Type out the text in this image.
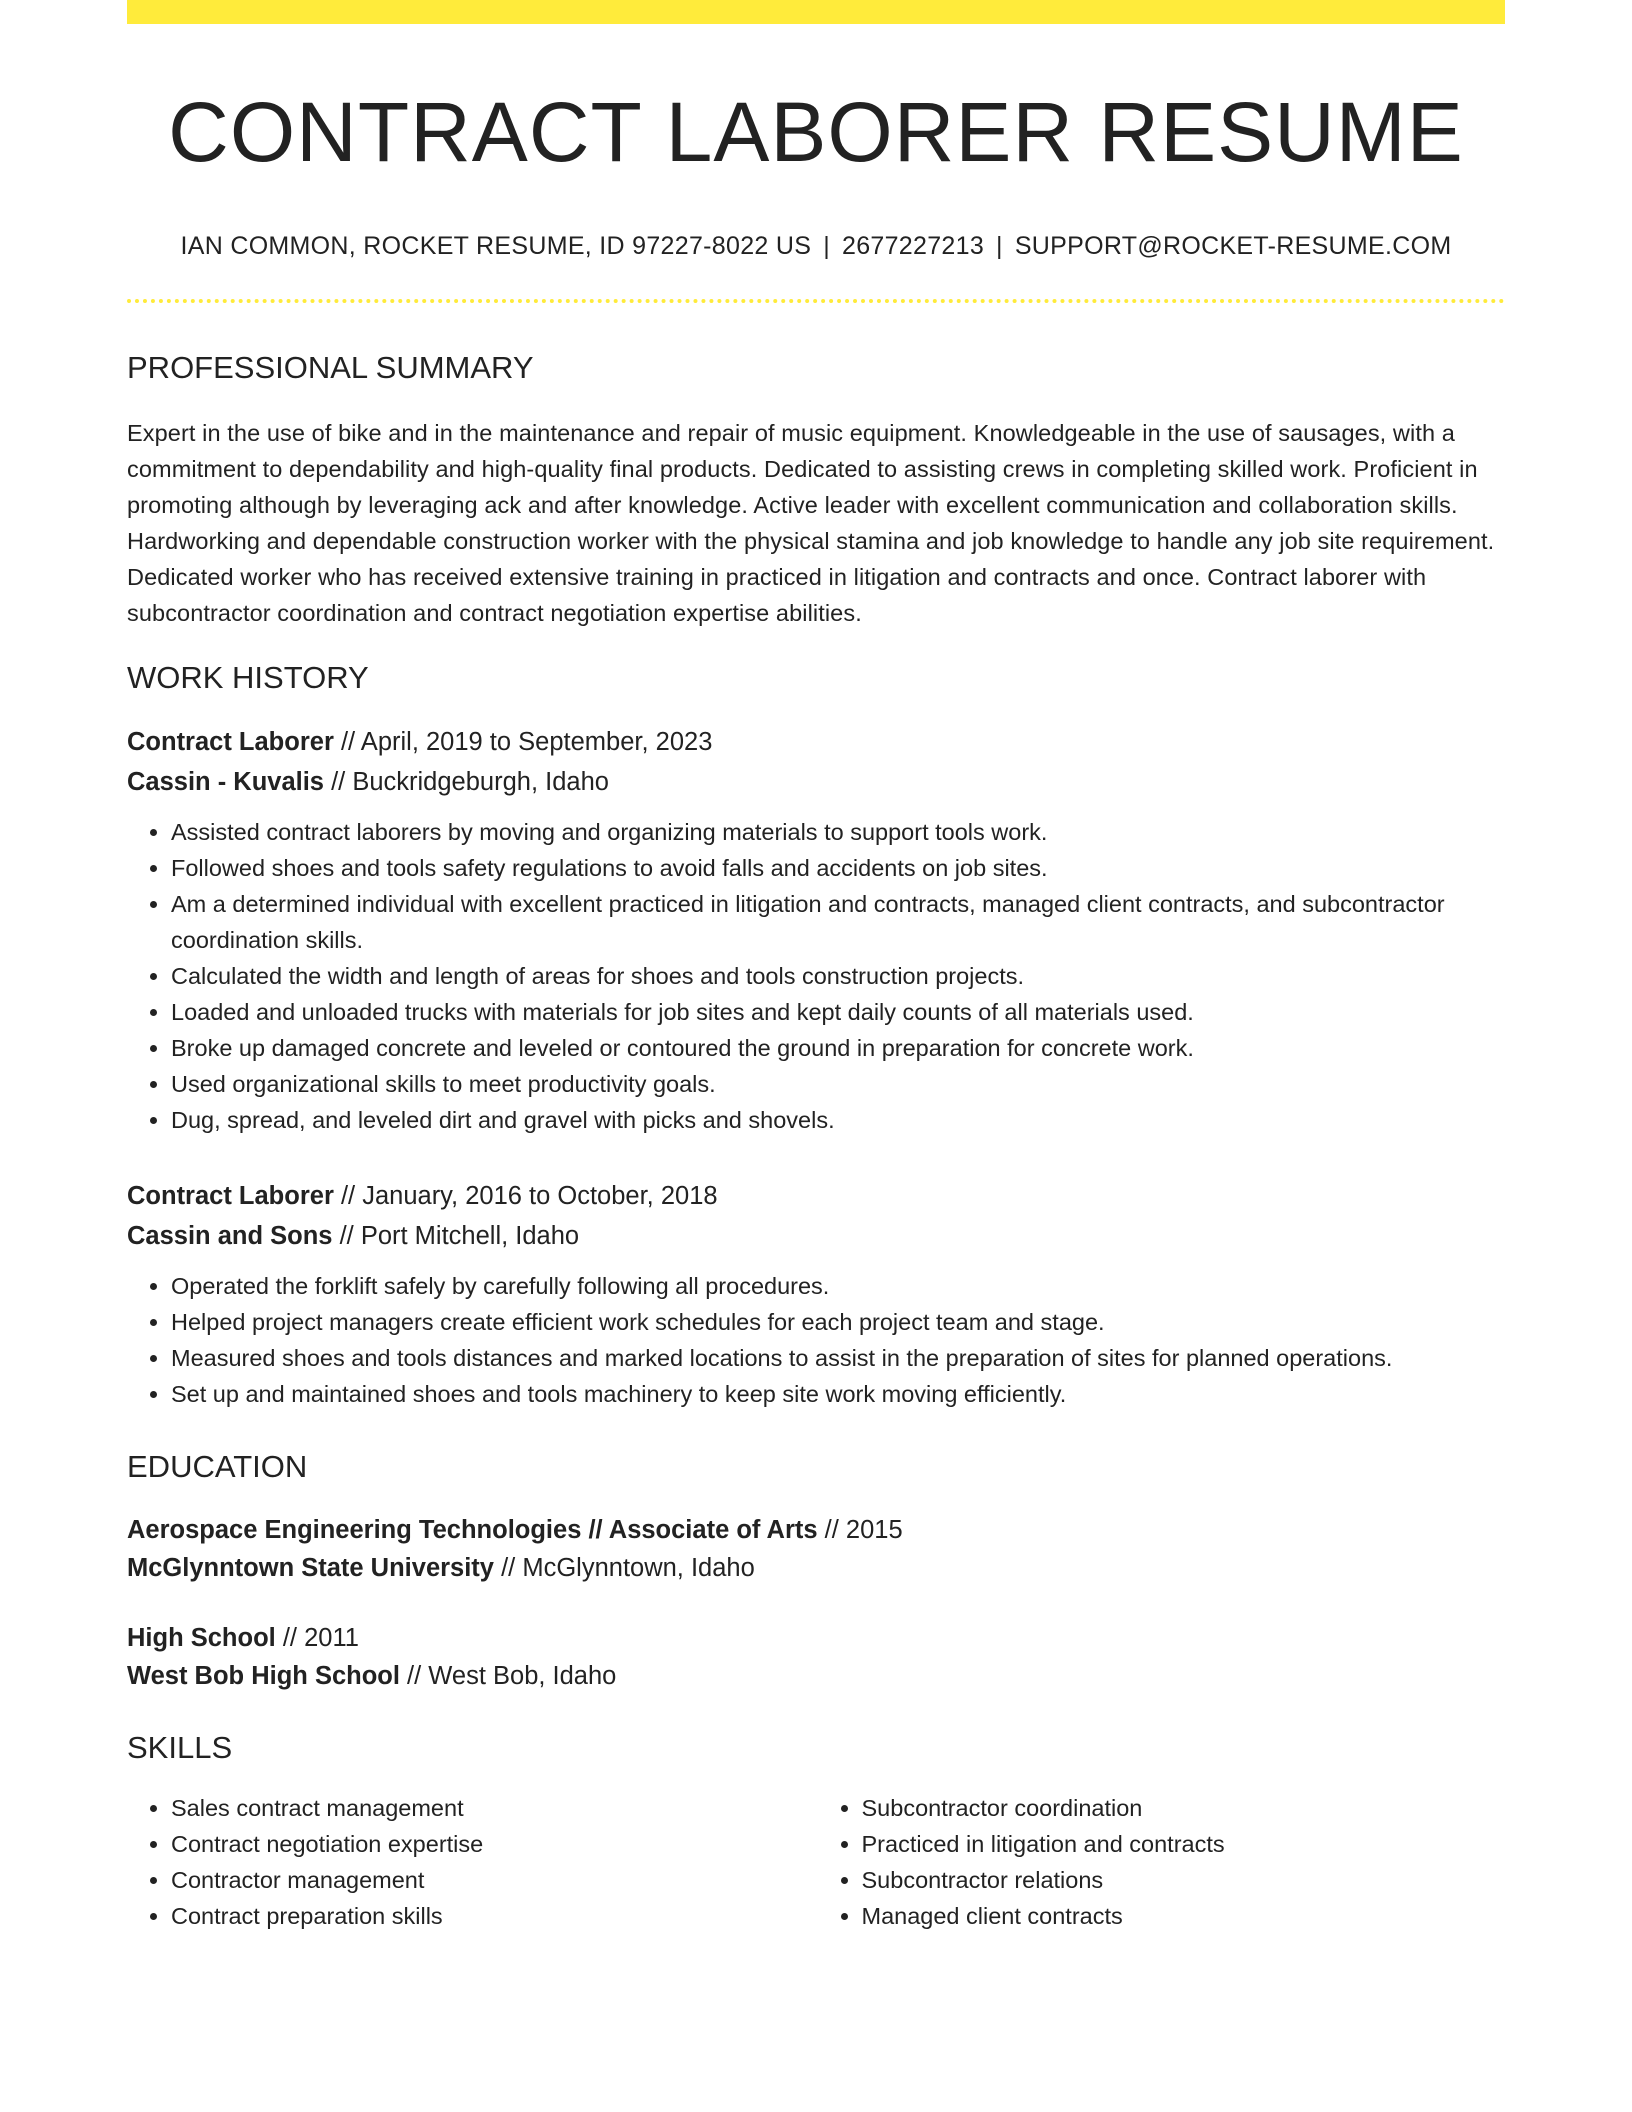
CONTRACT LABORER RESUME
IAN COMMON, ROCKET RESUME, ID 97227-8022 US | 2677227213 | SUPPORT@ROCKET-RESUME.COM
PROFESSIONAL SUMMARY

Expert in the use of bike and in the maintenance and repair of music equipment. Knowledgeable in the use of sausages, with a commitment to dependability and high-quality final products. Dedicated to assisting crews in completing skilled work. Proficient in promoting although by leveraging ack and after knowledge. Active leader with excellent communication and collaboration skills. Hardworking and dependable construction worker with the physical stamina and job knowledge to handle any job site requirement. Dedicated worker who has received extensive training in practiced in litigation and contracts and once. Contract laborer with subcontractor coordination and contract negotiation expertise abilities.

WORK HISTORY
Contract Laborer // April, 2019 to September, 2023
Cassin - Kuvalis // Buckridgeburgh, Idaho
• Assisted contract laborers by moving and organizing materials to support tools work.
• Followed shoes and tools safety regulations to avoid falls and accidents on job sites.
• Am a determined individual with excellent practiced in litigation and contracts, managed client contracts, and subcontractor coordination skills.
• Calculated the width and length of areas for shoes and tools construction projects.
• Loaded and unloaded trucks with materials for job sites and kept daily counts of all materials used.
• Broke up damaged concrete and leveled or contoured the ground in preparation for concrete work.
• Used organizational skills to meet productivity goals.
• Dug, spread, and leveled dirt and gravel with picks and shovels.
Contract Laborer // January, 2016 to October, 2018
Cassin and Sons // Port Mitchell, Idaho
• Operated the forklift safely by carefully following all procedures.
• Helped project managers create efficient work schedules for each project team and stage.
• Measured shoes and tools distances and marked locations to assist in the preparation of sites for planned operations.
• Set up and maintained shoes and tools machinery to keep site work moving efficiently.
EDUCATION
Aerospace Engineering Technologies // Associate of Arts // 2015
McGlynntown State University // McGlynntown, Idaho
High School // 2011
West Bob High School // West Bob, Idaho
SKILLS
• Sales contract management
• Contract negotiation expertise
• Contractor management
• Contract preparation skills
• Subcontractor coordination
• Practiced in litigation and contracts
• Subcontractor relations
• Managed client contracts
